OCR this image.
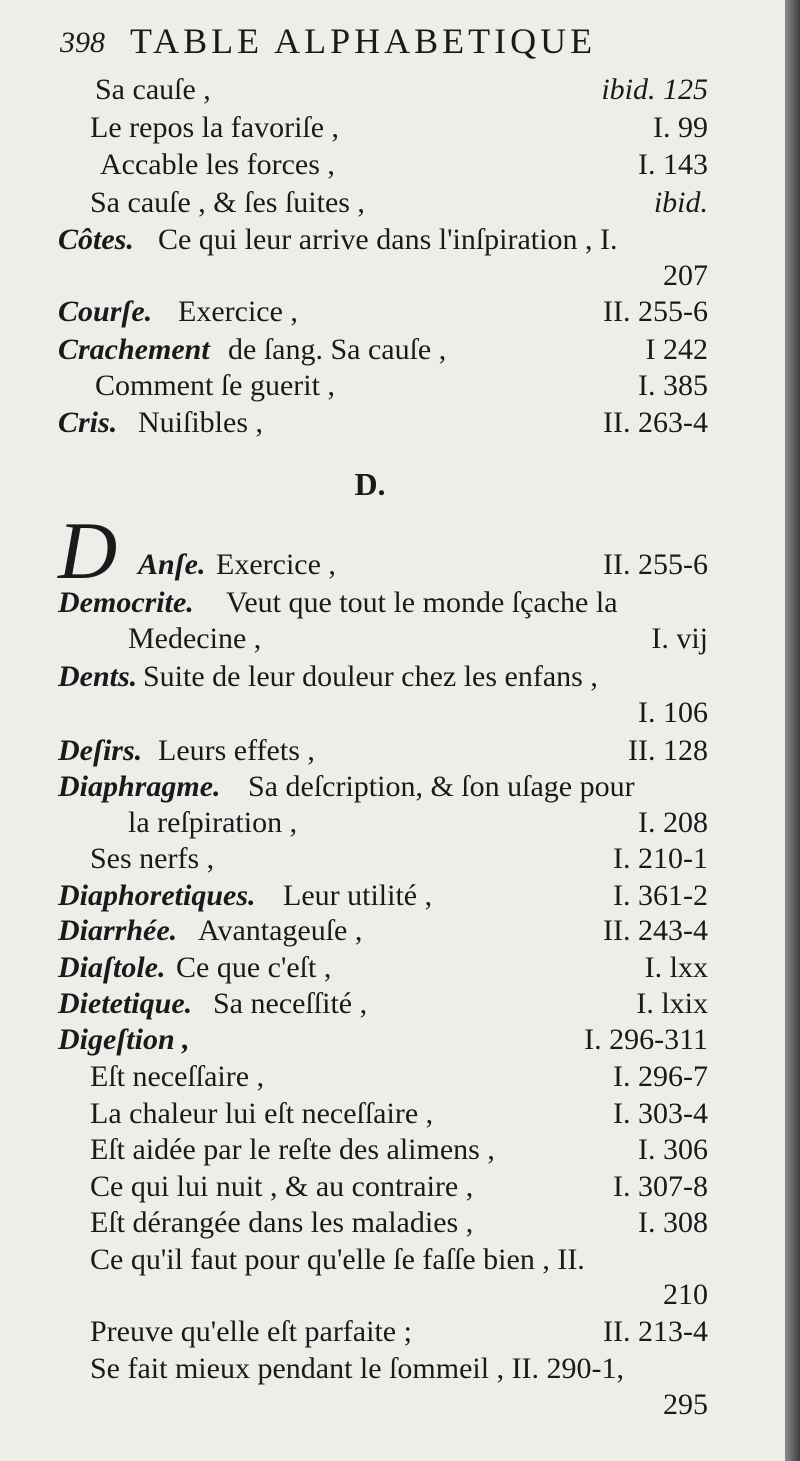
398 TABLE ALPHABETIQUE
D.
D
Sa cauſe ,	ibid. 125
Le repos la favoriſe ,	I. 99
Accable les forces ,	I. 143
Sa cauſe , & ſes ſuites ,	ibid.
Côtes. Ce qui leur arrive dans l'inſpiration , I.
207
Courſe. Exercice ,	II. 255-6
Crachement de ſang. Sa cauſe ,	I 242
Comment ſe guerit ,	I. 385
Cris. Nuiſibles ,	II. 263-4
Anſe. Exercice ,	II. 255-6
Democrite. Veut que tout le monde ſçache la
Medecine ,	I. vij
Dents. Suite de leur douleur chez les enfans ,
I. 106
Deſirs. Leurs effets ,	II. 128
Diaphragme. Sa deſcription, & ſon uſage pour
la reſpiration ,	I. 208
Ses nerfs ,	I. 210-1
Diaphoretiques. Leur utilité ,	I. 361-2
Diarrhée. Avantageuſe ,	II. 243-4
Diaſtole. Ce que c'eſt ,	I. lxx
Dietetique. Sa neceſſité ,	I. lxix
Digeſtion ,	I. 296-311
Eſt neceſſaire ,	I. 296-7
La chaleur lui eſt neceſſaire ,	I. 303-4
Eſt aidée par le reſte des alimens ,	I. 306
Ce qui lui nuit , & au contraire ,	I. 307-8
Eſt dérangée dans les maladies ,	I. 308
Ce qu'il faut pour qu'elle ſe faſſe bien , II.
210
Preuve qu'elle eſt parfaite ;	II. 213-4
Se fait mieux pendant le ſommeil , II. 290-1,
295
